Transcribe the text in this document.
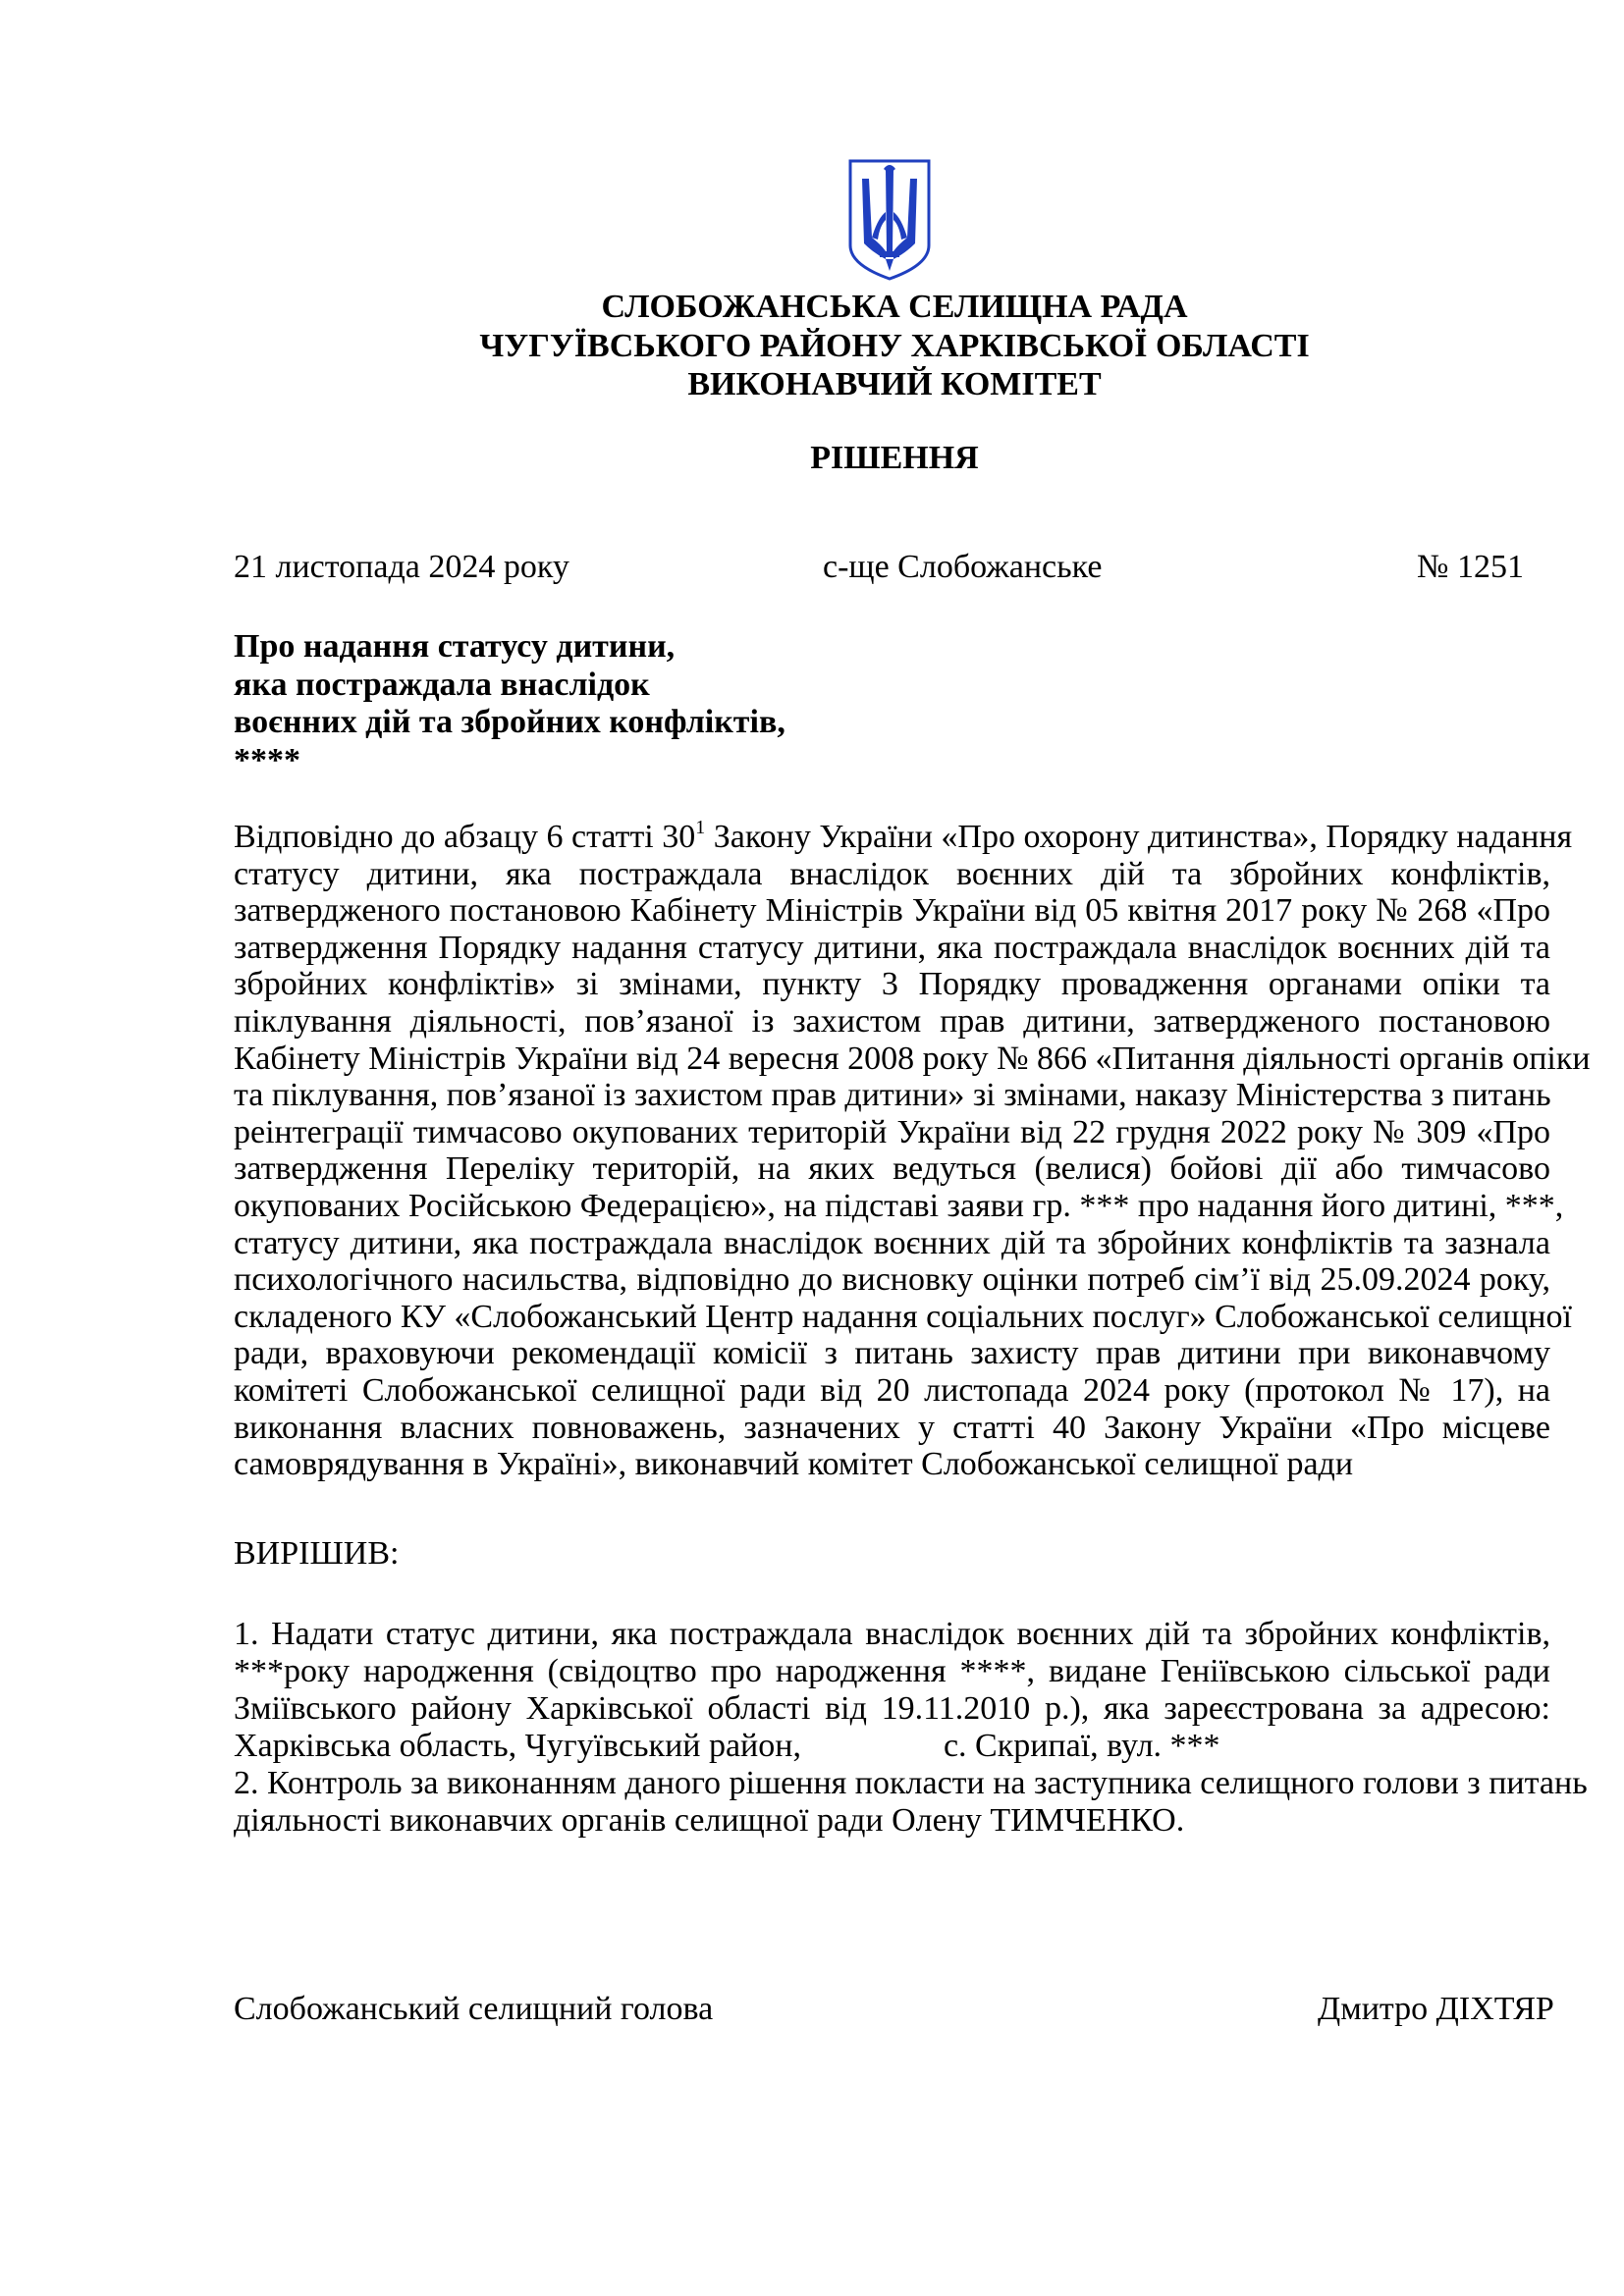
СЛОБОЖАНСЬКА СЕЛИЩНА РАДА
ЧУГУЇВСЬКОГО РАЙОНУ ХАРКІВСЬКОЇ ОБЛАСТІ
ВИКОНАВЧИЙ КОМІТЕТ
РІШЕННЯ
21 листопада 2024 року	с-ще Слобожанське	№ 1251
Про надання статусу дитини,
яка постраждала внаслідок
воєнних дій та збройних конфліктів,
****
Відповідно до абзацу 6 статті $30^1$ Закону України «Про охорону дитинства», Порядку надання
статусу дитини, яка постраждала внаслідок воєнних дій та збройних конфліктів,
затвердженого постановою Кабінету Міністрів України від 05 квітня 2017 року № 268 «Про
затвердження Порядку надання статусу дитини, яка постраждала внаслідок воєнних дій та
збройних конфліктів» зі змінами, пункту 3 Порядку провадження органами опіки та
піклування діяльності, пов’язаної із захистом прав дитини, затвердженого постановою
Кабінету Міністрів України від 24 вересня 2008 року № 866 «Питання діяльності органів опіки
та піклування, пов’язаної із захистом прав дитини» зі змінами, наказу Міністерства з питань
реінтеграції тимчасово окупованих територій України від 22 грудня 2022 року № 309 «Про
затвердження Переліку територій, на яких ведуться (велися) бойові дії або тимчасово
окупованих Російською Федерацією», на підставі заяви гр. *** про надання його дитині, ***,
статусу дитини, яка постраждала внаслідок воєнних дій та збройних конфліктів та зазнала
психологічного насильства, відповідно до висновку оцінки потреб сім’ї від 25.09.2024 року,
складеного КУ «Слобожанський Центр надання соціальних послуг» Слобожанської селищної
ради, враховуючи рекомендації комісії з питань захисту прав дитини при виконавчому
комітеті Слобожанської селищної ради від 20 листопада 2024 року (протокол № 17), на
виконання власних повноважень, зазначених у статті 40 Закону України «Про місцеве
самоврядування в Україні», виконавчий комітет Слобожанської селищної ради
ВИРІШИВ:
1. Надати статус дитини, яка постраждала внаслідок воєнних дій та збройних конфліктів,
***року народження (свідоцтво про народження ****, видане Геніївською сільської ради
Зміївського району Харківської області від 19.11.2010 р.), яка зареєстрована за адресою:
Харківська область, Чугуївський район,	с. Скрипаї, вул. ***
2. Контроль за виконанням даного рішення покласти на заступника селищного голови з питань
діяльності виконавчих органів селищної ради Олену ТИМЧЕНКО.
Слобожанський селищний голова	Дмитро ДІХТЯР
